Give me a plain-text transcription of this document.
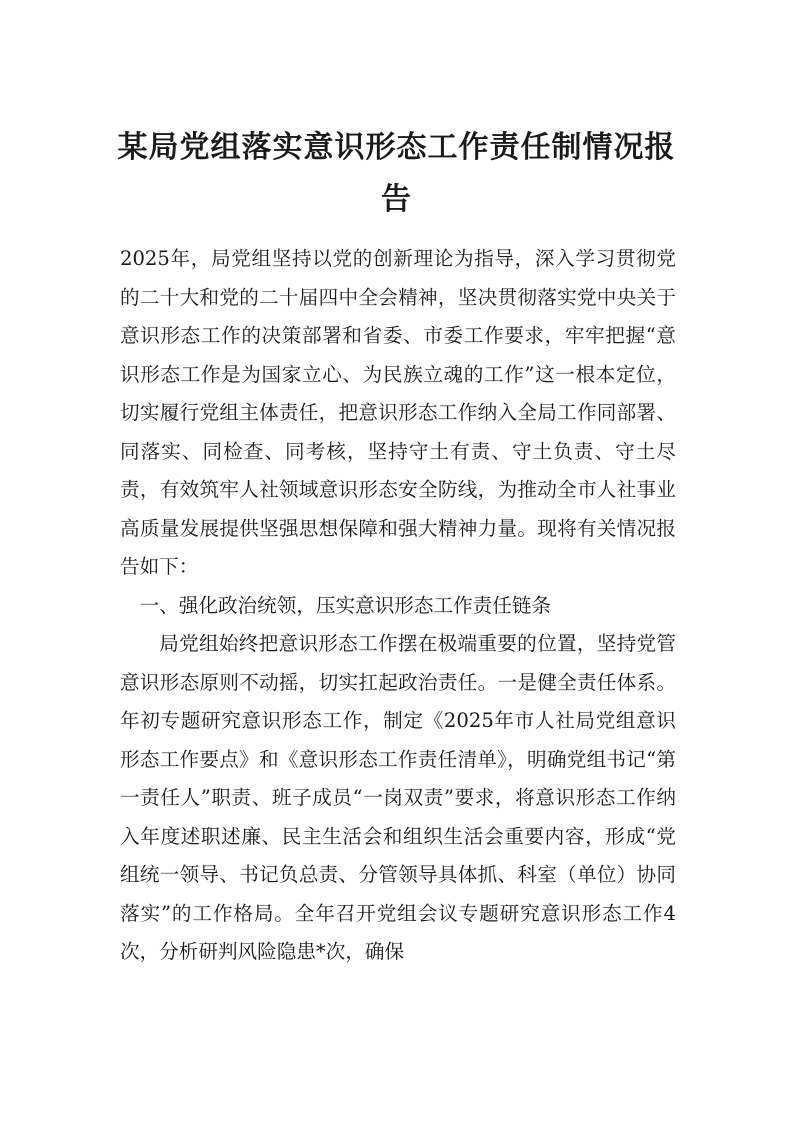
某局党组落实意识形态工作责任制情况报告

2025年，局党组坚持以党的创新理论为指导，深入学习贯彻党的二十大和党的二十届四中全会精神，坚决贯彻落实党中央关于意识形态工作的决策部署和省委、市委工作要求，牢牢把握“意识形态工作是为国家立心、为民族立魂的工作”这一根本定位，切实履行党组主体责任，把意识形态工作纳入全局工作同部署、同落实、同检查、同考核，坚持守土有责、守土负责、守土尽责，有效筑牢人社领域意识形态安全防线，为推动全市人社事业高质量发展提供坚强思想保障和强大精神力量。现将有关情况报告如下：

一、强化政治统领，压实意识形态工作责任链条

局党组始终把意识形态工作摆在极端重要的位置，坚持党管意识形态原则不动摇，切实扛起政治责任。一是健全责任体系。年初专题研究意识形态工作，制定《2025年市人社局党组意识形态工作要点》和《意识形态工作责任清单》，明确党组书记“第一责任人”职责、班子成员“一岗双责”要求，将意识形态工作纳入年度述职述廉、民主生活会和组织生活会重要内容，形成“党组统一领导、书记负总责、分管领导具体抓、科室（单位）协同落实”的工作格局。全年召开党组会议专题研究意识形态工作4次，分析研判风险隐患*次，确保
